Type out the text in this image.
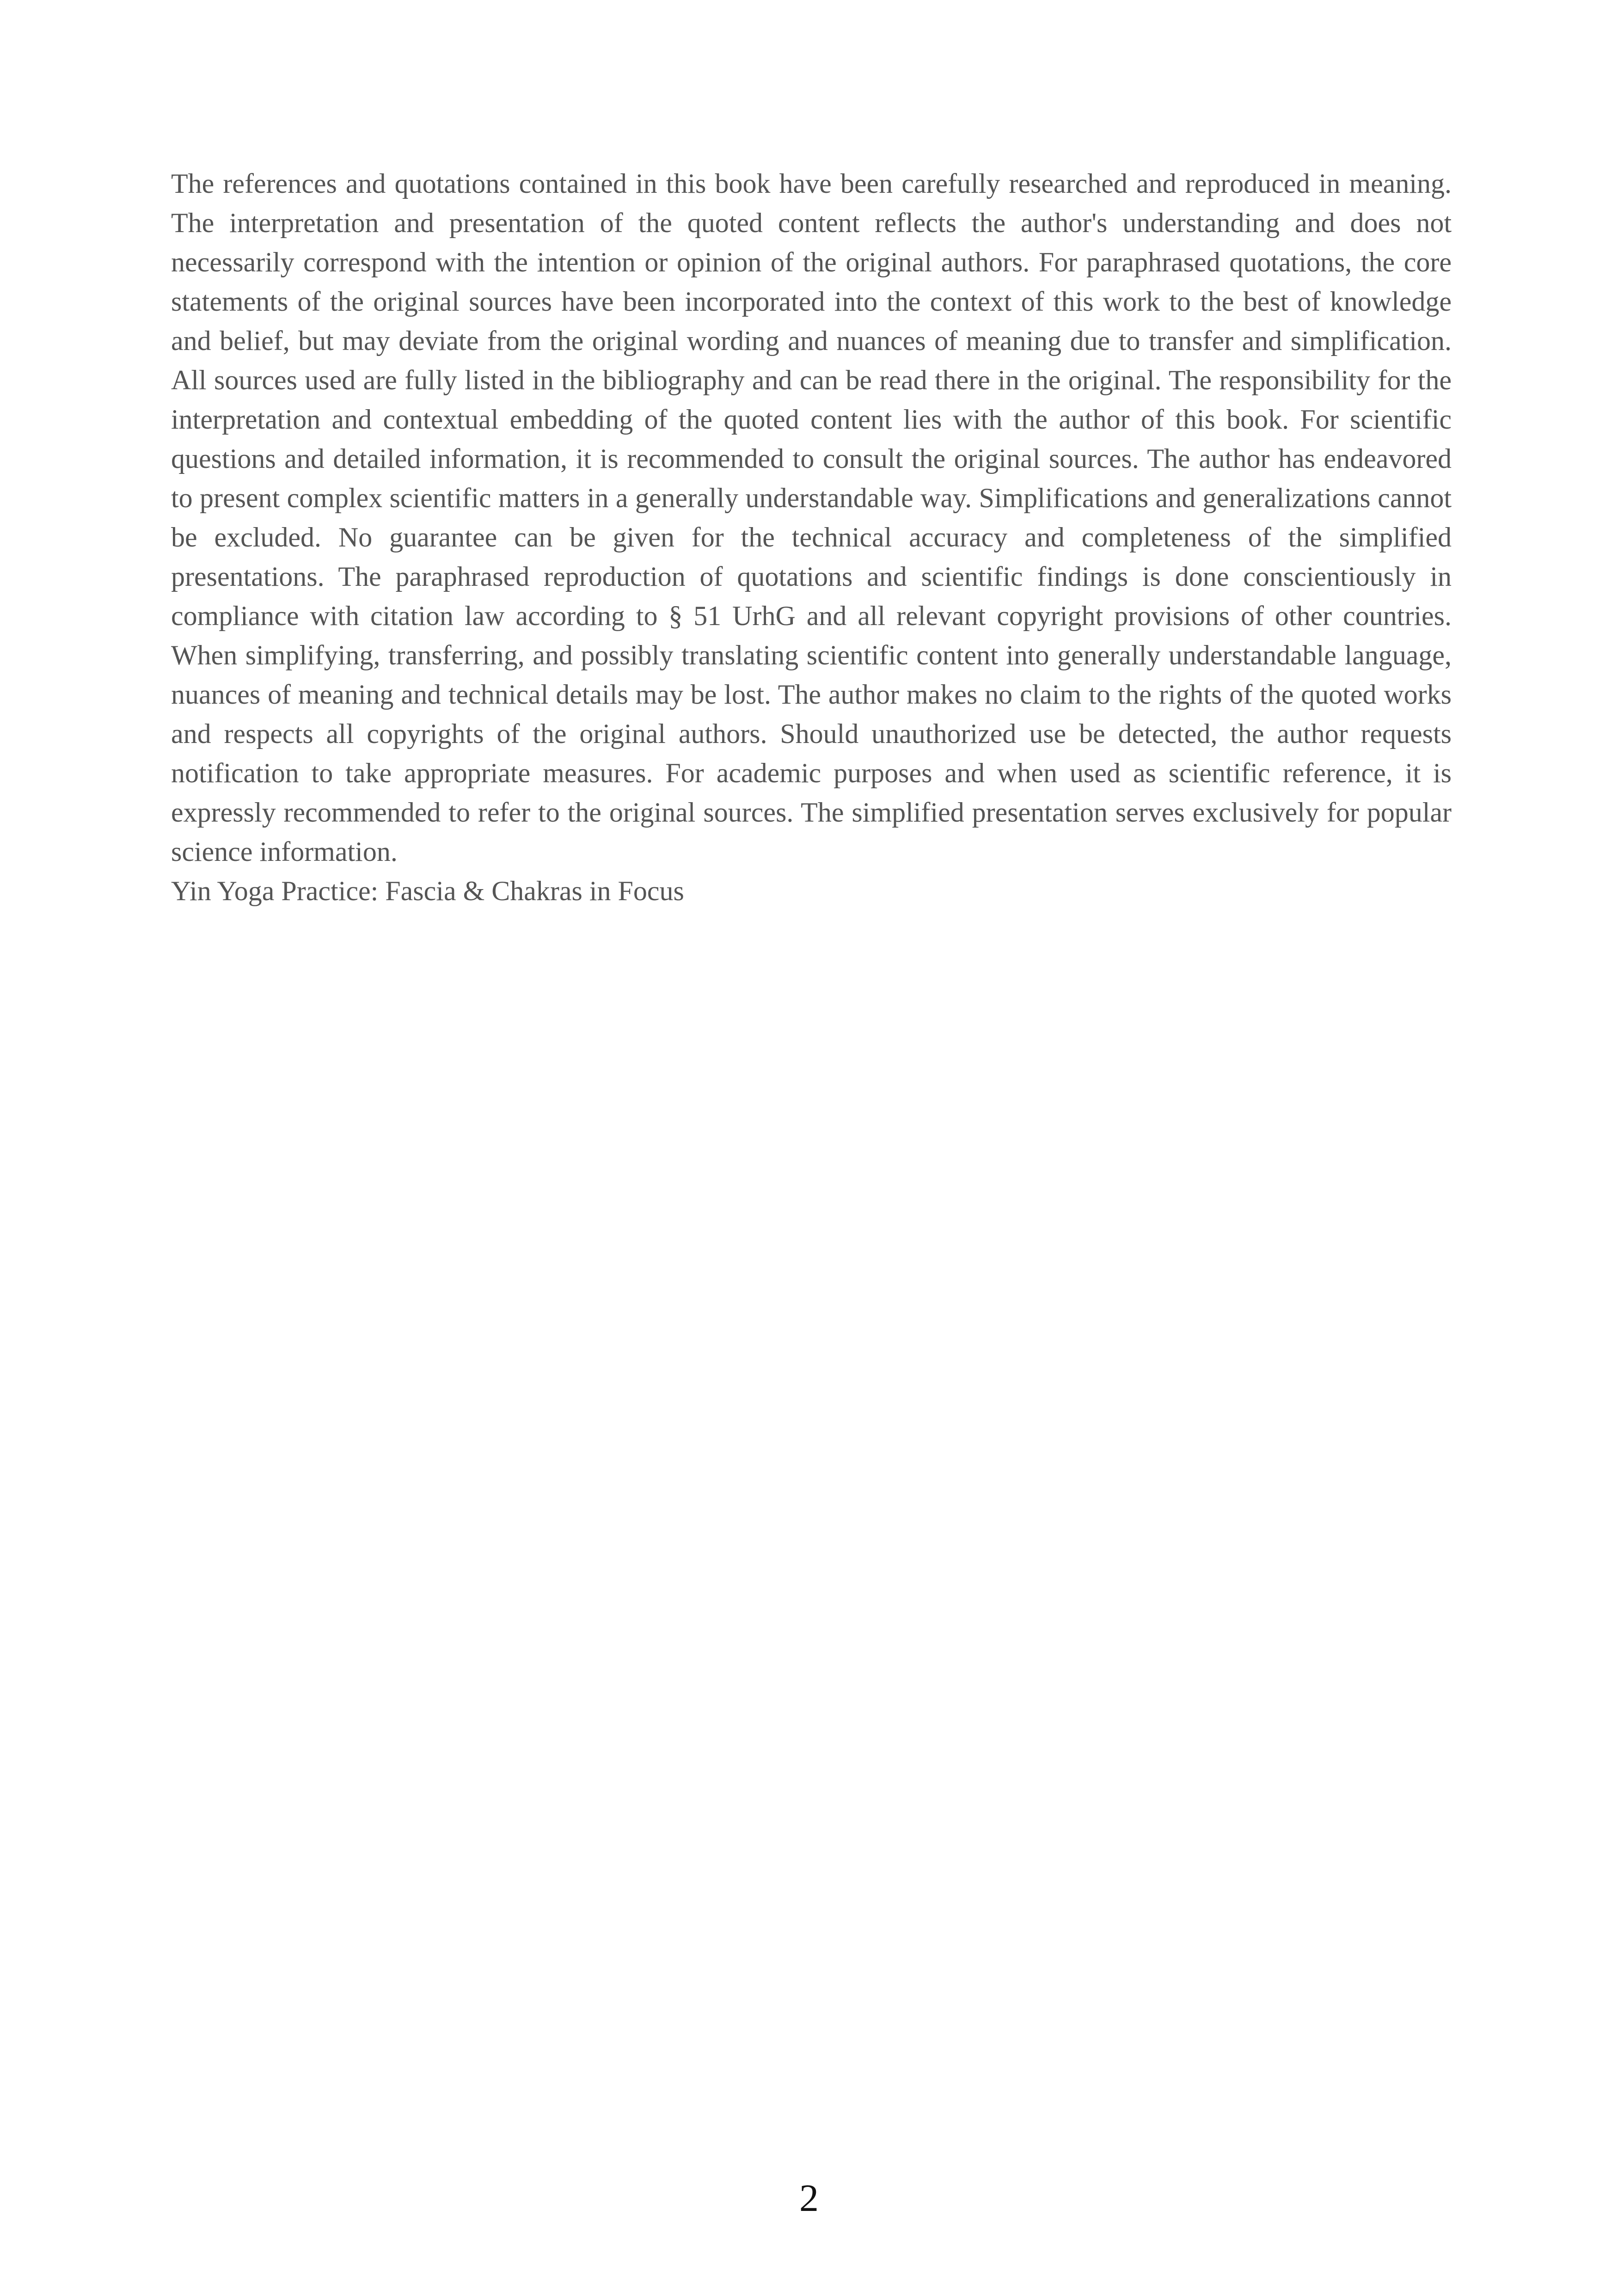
The references and quotations contained in this book have been carefully researched and reproduced in meaning. The interpretation and presentation of the quoted content reflects the author's understanding and does not necessarily correspond with the intention or opinion of the original authors. For paraphrased quotations, the core statements of the original sources have been incorporated into the context of this work to the best of knowledge and belief, but may deviate from the original wording and nuances of meaning due to transfer and simplification. All sources used are fully listed in the bibliography and can be read there in the original. The responsibility for the interpretation and contextual embedding of the quoted content lies with the author of this book. For scientific questions and detailed information, it is recommended to consult the original sources. The author has endeavored to present complex scientific matters in a generally understandable way. Simplifications and generalizations cannot be excluded. No guarantee can be given for the technical accuracy and completeness of the simplified presentations. The paraphrased reproduction of quotations and scientific findings is done conscientiously in compliance with citation law according to § 51 UrhG and all relevant copyright provisions of other countries. When simplifying, transferring, and possibly translating scientific content into generally understandable language, nuances of meaning and technical details may be lost. The author makes no claim to the rights of the quoted works and respects all copyrights of the original authors. Should unauthorized use be detected, the author requests notification to take appropriate measures. For academic purposes and when used as scientific reference, it is expressly recommended to refer to the original sources. The simplified presentation serves exclusively for popular science information.

Yin Yoga Practice: Fascia & Chakras in Focus

2
